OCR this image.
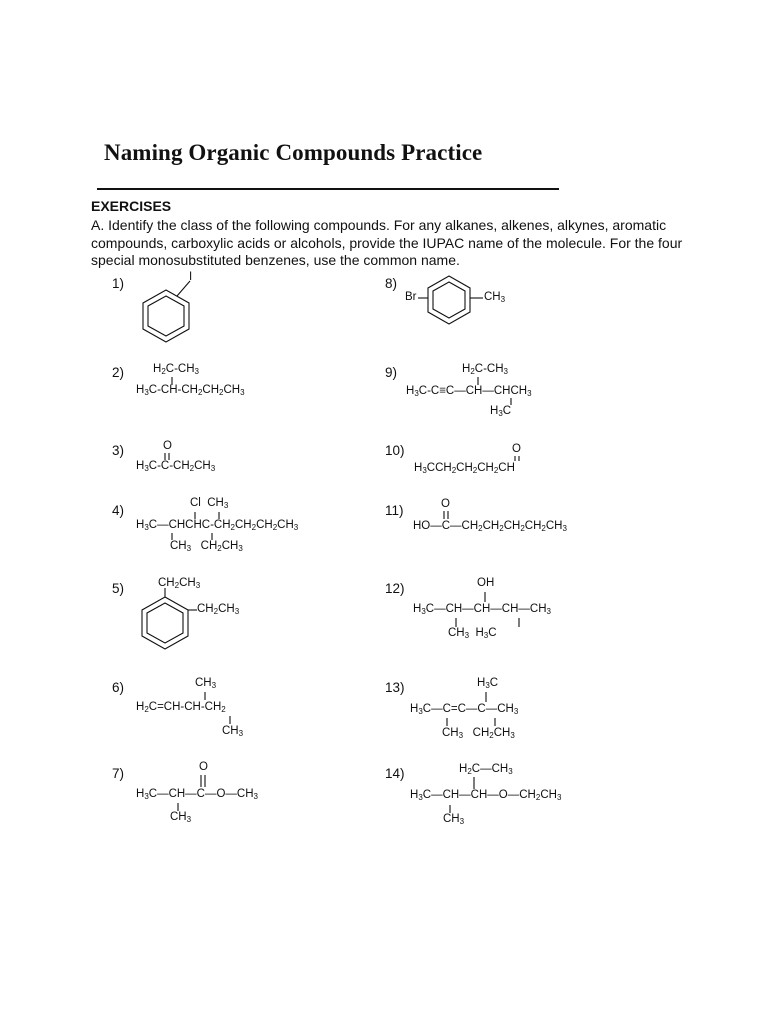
Naming Organic Compounds Practice
EXERCISES
A. Identify the class of the following compounds. For any alkanes, alkenes, alkynes, aromatic compounds, carboxylic acids or alcohols, provide the IUPAC name of the molecule. For the four special monosubstituted benzenes, use the common name.
1)
2)
3)
4)
5)
6)
7)
8)
9)
10)
11)
12)
13)
14)
I
$H_2C-CH_3$
$H_3C-CH-CH_2CH_2CH_3$
O
$H_3C-C-CH_2CH_3$
Cl  $CH_3$
$H_3C—CHCHC-CH_2CH_2CH_2CH_3$
$CH_3$   $CH_2CH_3$
$CH_2CH_3$
$CH_2CH_3$
$CH_3$
$H_2C=CH-CH-CH_2$
$CH_3$
O
$H_3C—CH—C—O—CH_3$
$CH_3$
Br	$CH_3$
$H_2C-CH_3$
$H_3C-C\equiv C—CH—CHCH_3$
$H_3C$
O
$H_3CCH_2CH_2CH_2CH$
O
$HO—C—CH_2CH_2CH_2CH_2CH_3$
OH
$H_3C—CH—CH—CH—CH_3$
$CH_3$  $H_3C$
$H_3C$
$H_3C—C=C—C—CH_3$
$CH_3$   $CH_2CH_3$
$H_2C—CH_3$
$H_3C—CH—CH—O—CH_2CH_3$
$CH_3$
